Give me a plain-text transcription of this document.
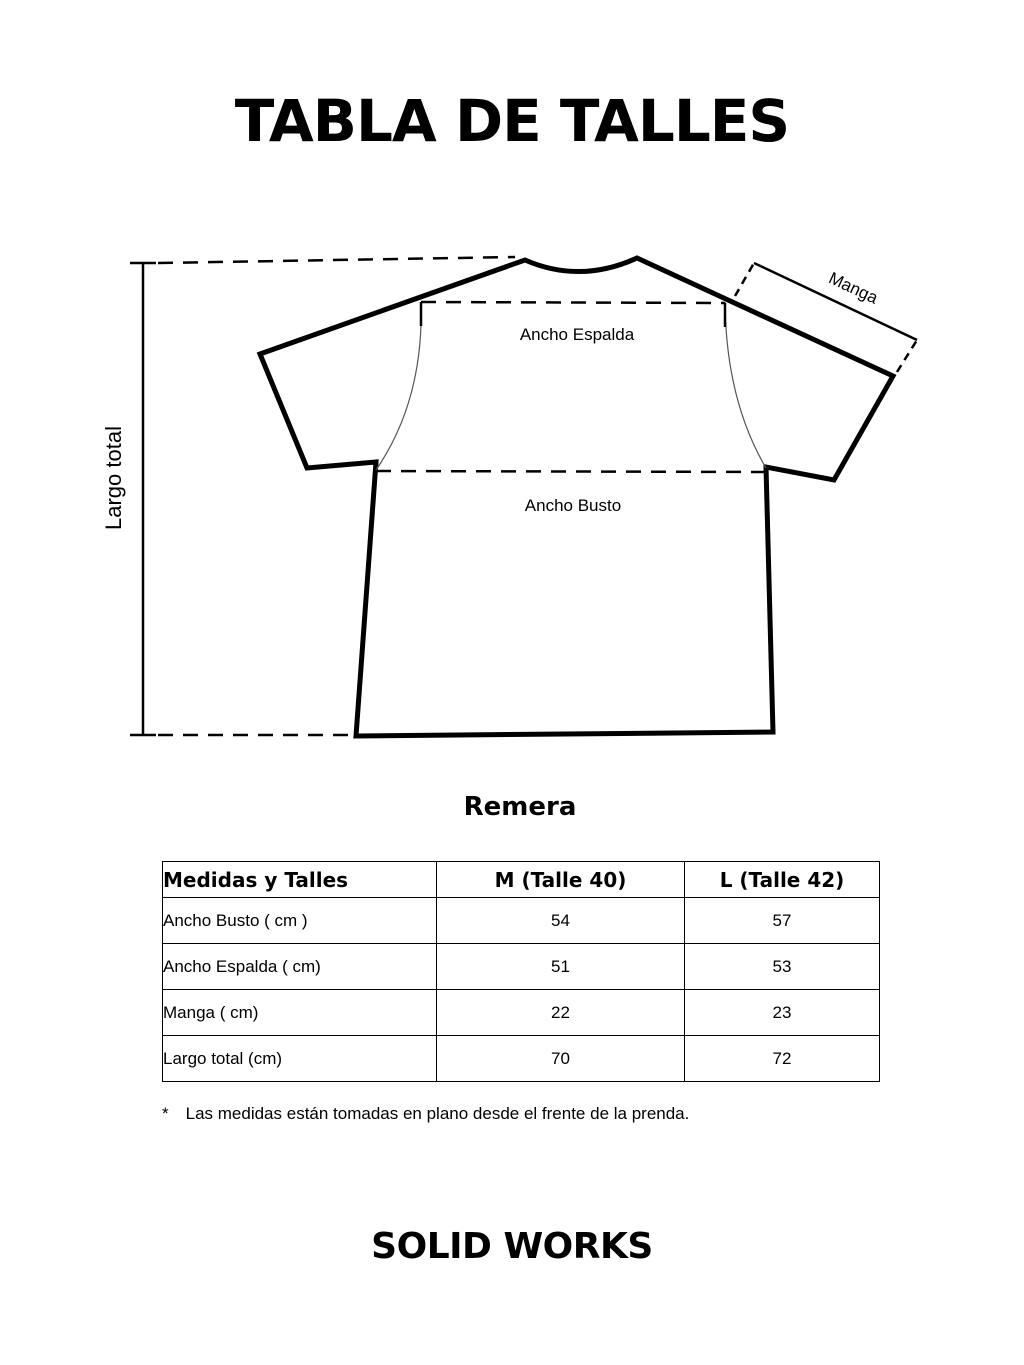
TABLA DE TALLES
Largo total
Ancho Espalda
Ancho Busto
Manga
Remera
Medidas y Talles	M (Talle 40)	L (Talle 42)
Ancho Busto ( cm )	54	57
Ancho Espalda ( cm)	51	53
Manga ( cm)	22	23
Largo total (cm)	70	72
* Las medidas están tomadas en plano desde el frente de la prenda.
SOLID WORKS
